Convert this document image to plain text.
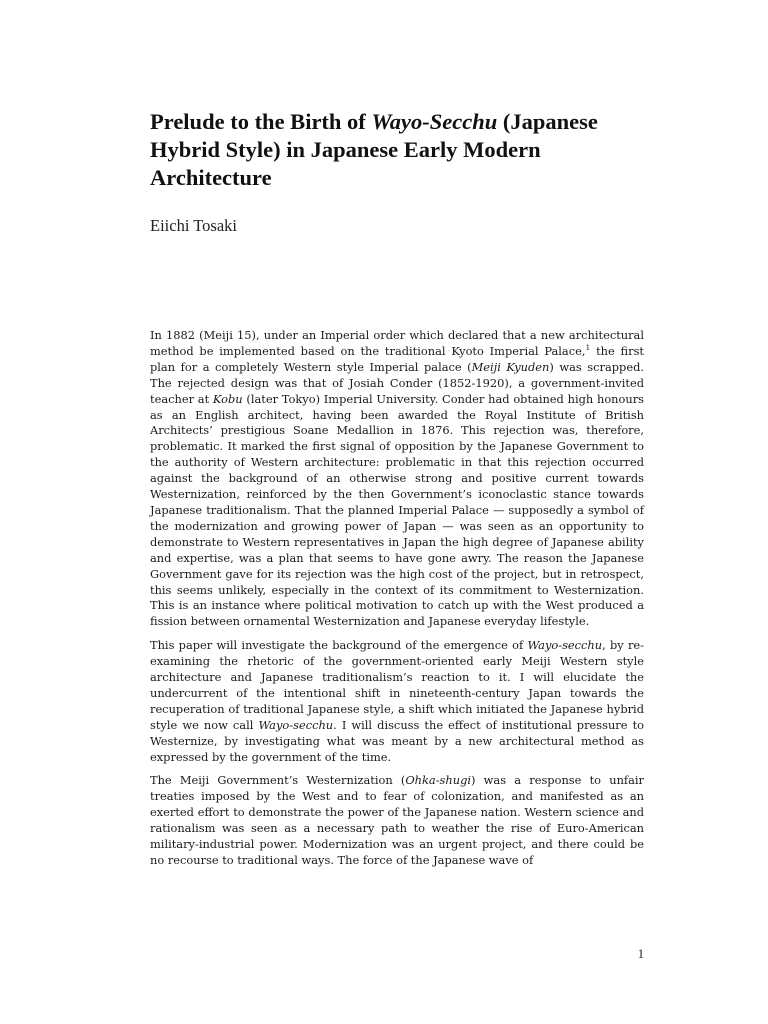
Prelude to the Birth of Wayo-Secchu (Japanese Hybrid Style) in Japanese Early Modern Architecture

Eiichi Tosaki

In 1882 (Meiji 15), under an Imperial order which declared that a new architectural method be implemented based on the traditional Kyoto Imperial Palace,$^1$ the first plan for a completely Western style Imperial palace (Meiji Kyuden) was scrapped. The rejected design was that of Josiah Conder (1852-1920), a government-invited teacher at Kobu (later Tokyo) Imperial University. Conder had obtained high honours as an English architect, having been awarded the Royal Institute of British Architects’ prestigious Soane Medallion in 1876. This rejection was, therefore, problematic. It marked the first signal of opposition by the Japanese Government to the authority of Western architecture: problematic in that this rejection occurred against the background of an otherwise strong and positive current towards Westernization, reinforced by the then Government’s iconoclastic stance towards Japanese traditionalism. That the planned Imperial Palace — supposedly a symbol of the modernization and growing power of Japan — was seen as an opportunity to demonstrate to Western representatives in Japan the high degree of Japanese ability and expertise, was a plan that seems to have gone awry. The reason the Japanese Government gave for its rejection was the high cost of the project, but in retrospect, this seems unlikely, especially in the context of its commitment to Westernization. This is an instance where political motivation to catch up with the West produced a fission between ornamental Westernization and Japanese everyday lifestyle.

This paper will investigate the background of the emergence of Wayo-secchu, by re-examining the rhetoric of the government-oriented early Meiji Western style architecture and Japanese traditionalism’s reaction to it. I will elucidate the undercurrent of the intentional shift in nineteenth-century Japan towards the recuperation of traditional Japanese style, a shift which initiated the Japanese hybrid style we now call Wayo-secchu. I will discuss the effect of institutional pressure to Westernize, by investigating what was meant by a new architectural method as expressed by the government of the time.

The Meiji Government’s Westernization (Ohka-shugi) was a response to unfair treaties imposed by the West and to fear of colonization, and manifested as an exerted effort to demonstrate the power of the Japanese nation. Western science and rationalism was seen as a necessary path to weather the rise of Euro-American military-industrial power. Modernization was an urgent project, and there could be no recourse to traditional ways. The force of the Japanese wave of

1
